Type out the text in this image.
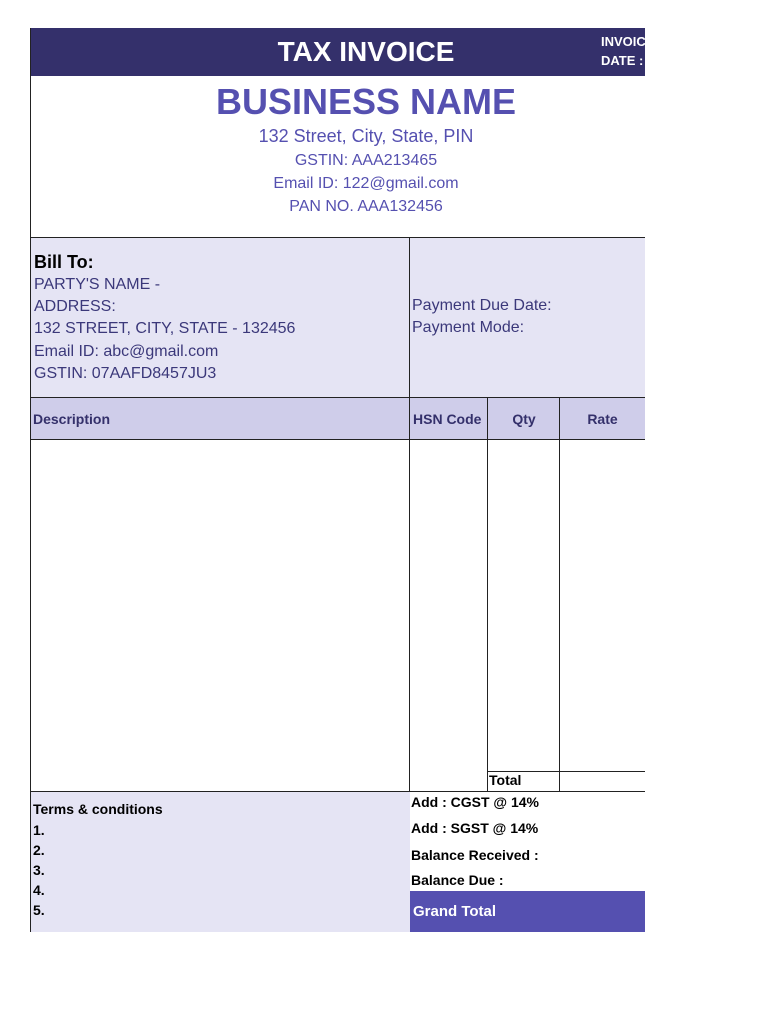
TAX INVOICE	INVOICE
DATE :
BUSINESS NAME
132 Street, City, State, PIN
GSTIN: AAA213465
Email ID: 122@gmail.com
PAN NO. AAA132456
Bill To:
PARTY'S NAME -
ADDRESS:
132 STREET, CITY, STATE - 132456
Email ID: abc@gmail.com
GSTIN: 07AAFD8457JU3
Payment Due Date:
Payment Mode:
Description	HSN Code	Qty	Rate
Total
Terms & conditions
1.
2.
3.
4.
5.
Add : CGST @ 14%
Add : SGST @ 14%
Balance Received :
Balance Due :
Grand Total
